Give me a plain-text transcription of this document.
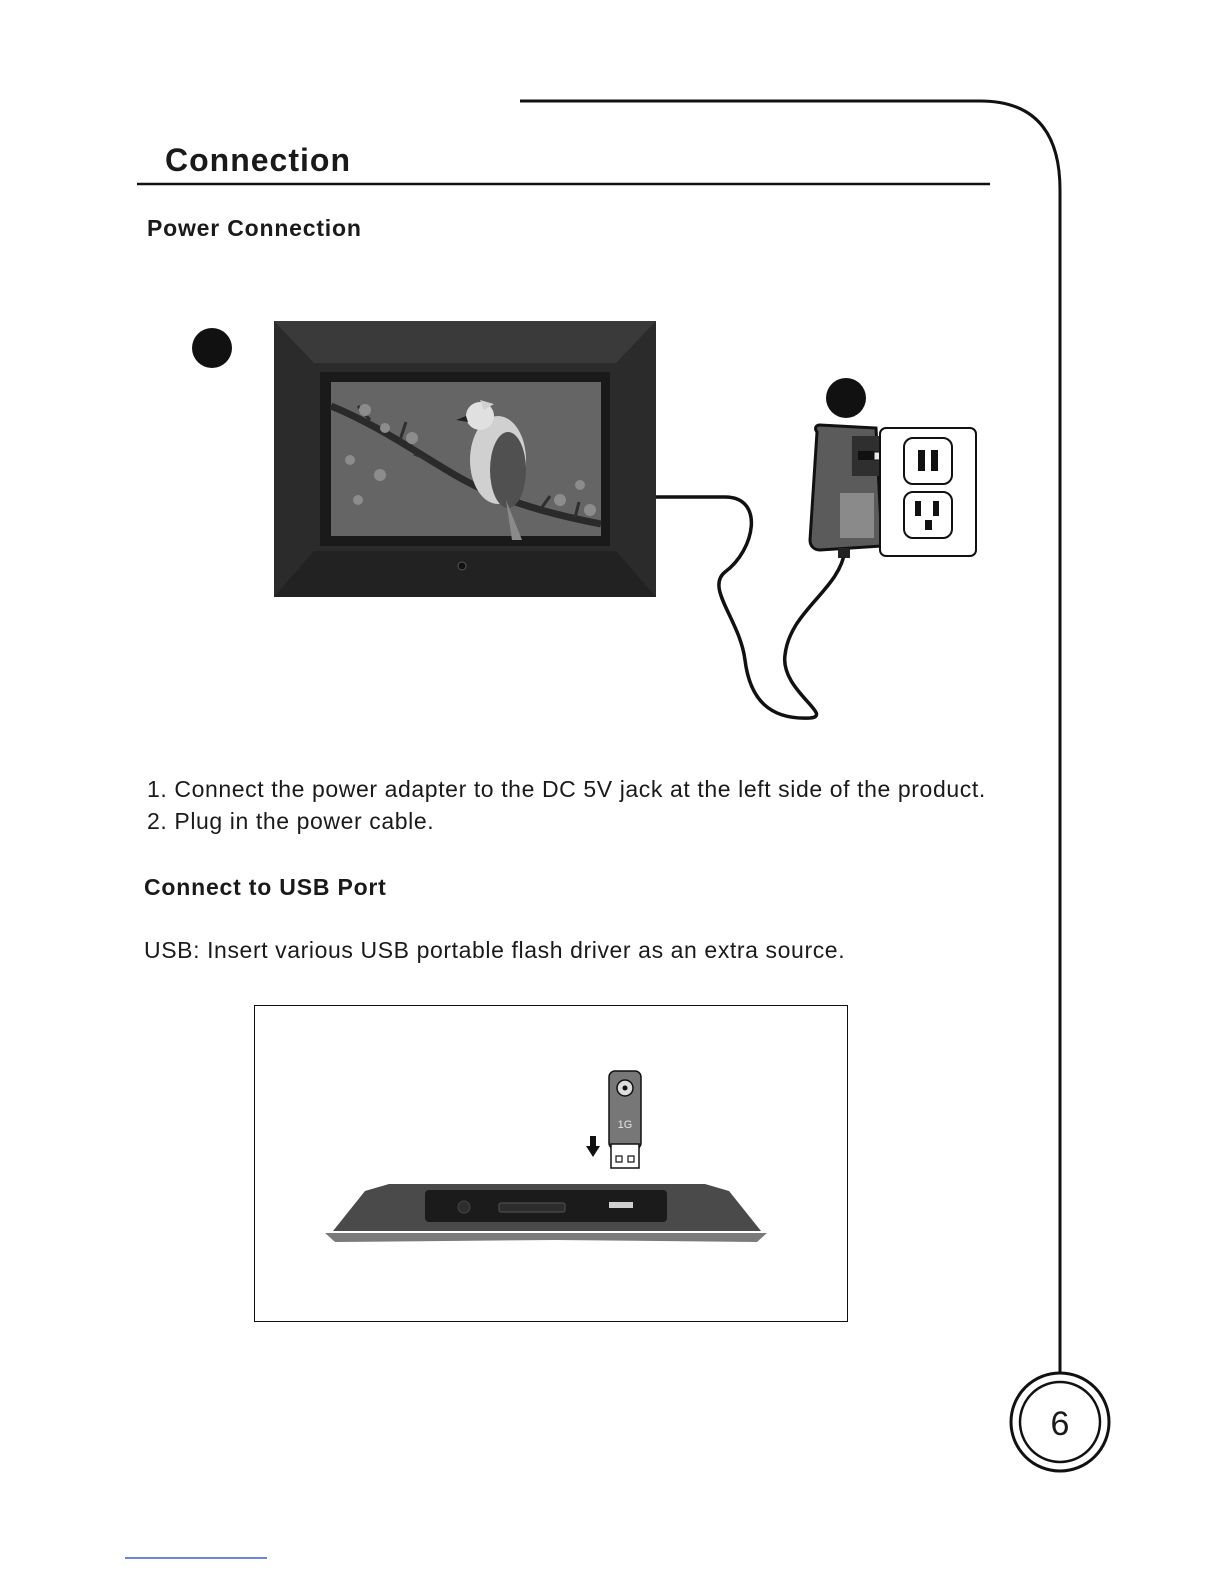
Connection
Power Connection

1. Connect the power adapter to the DC 5V jack at the left side of the product.

2. Plug in the power cable.

Connect to USB Port

USB: Insert various USB portable flash driver as an extra source.

1G
6
